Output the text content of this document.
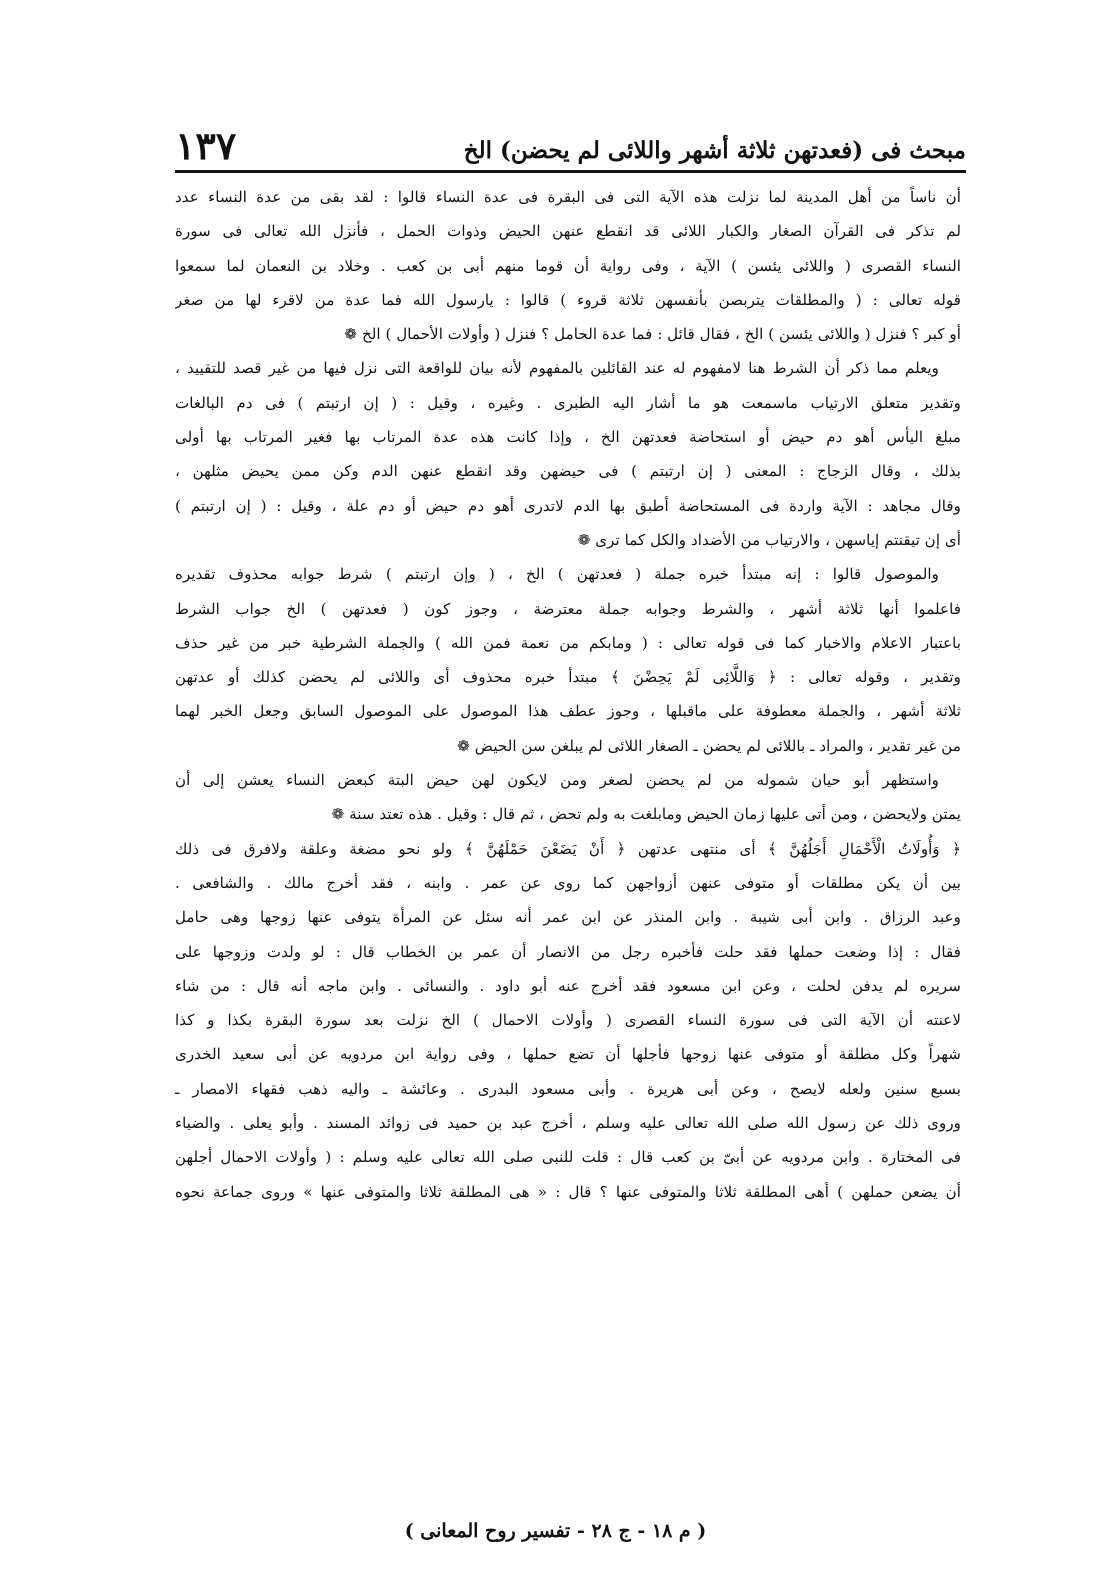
مبحث فى (فعدتهن ثلاثة أشهر واللائى لم يحضن) الخ
١٣٧
أن ناساً من أهل المدينة لما نزلت هذه الآية التى فى البقرة فى عدة النساء قالوا : لقد بقى من عدة النساء عدد
لم تذكر فى القرآن الصغار والكبار اللائى قد انقطع عنهن الحيض وذوات الحمل ، فأنزل الله تعالى فى سورة
النساء القصرى ( واللائى يئسن ) الآية ، وفى رواية أن قوما منهم أبى بن كعب . وخلاد بن النعمان لما سمعوا
قوله تعالى : ( والمطلقات يتربصن بأنفسهن ثلاثة قروء ) قالوا : يارسول الله فما عدة من لاقرء لها من صغر
أو كبر ؟ فنزل ( واللائى يئسن ) الخ ، فقال قائل : فما عدة الحامل ؟ فنزل ( وأولات الأحمال ) الخ ❁
ويعلم مما ذكر أن الشرط هنا لامفهوم له عند القائلين بالمفهوم لأنه بيان للواقعة التى نزل فيها من غير قصد للتقييد ،
وتقدير متعلق الارتياب ماسمعت هو ما أشار اليه الطبرى . وغيره ، وقيل : ( إن ارتبتم ) فى دم البالغات
مبلغ اليأس أهو دم حيض أو استحاضة فعدتهن الخ ، وإذا كانت هذه عدة المرتاب بها فغير المرتاب بها أولى
بذلك ، وقال الزجاج : المعنى ( إن ارتبتم ) فى حيضهن وقد انقطع عنهن الدم وكن ممن يحيض مثلهن ،
وقال مجاهد : الآية واردة فى المستحاضة أطبق بها الدم لاتدرى أهو دم حيض أو دم علة ، وقيل : ( إن ارتبتم )
أى إن تيقنتم إياسهن ، والارتياب من الأضداد والكل كما ترى ❁
والموصول قالوا : إنه مبتدأ خبره جملة ( فعدتهن ) الخ ، ( وإن ارتبتم ) شرط جوابه محذوف تقديره
فاعلموا أنها ثلاثة أشهر ، والشرط وجوابه جملة معترضة ، وجوز كون ( فعدتهن ) الخ جواب الشرط
باعتبار الاعلام والاخبار كما فى قوله تعالى : ( ومابكم من نعمة فمن الله ) والجملة الشرطية خبر من غير حذف
وتقدير ، وقوله تعالى : ﴿ وَاللَّائِى لَمْ يَحِضْنَ ﴾ مبتدأ خبره محذوف أى واللائى لم يحضن كذلك أو عدتهن
ثلاثة أشهر ، والجملة معطوفة على ماقبلها ، وجوز عطف هذا الموصول على الموصول السابق وجعل الخبر لهما
من غير تقدير ، والمراد ـ باللائى لم يحضن ـ الصغار اللائى لم يبلغن سن الحيض ❁
واستظهر أبو حيان شموله من لم يحضن لصغر ومن لايكون لهن حيض البتة كبعض النساء يعشن إلى أن
يمتن ولايحضن ، ومن أتى عليها زمان الحيض ومابلغت به ولم تحض ، ثم قال : وقيل . هذه تعتد سنة ❁
﴿ وَأُولَاتُ الْأَحْمَالِ أَجَلُهُنَّ ﴾ أى منتهى عدتهن ﴿ أَنْ يَضَعْنَ حَمْلَهُنَّ ﴾ ولو نحو مضغة وعلقة ولافرق فى ذلك
بين أن يكن مطلقات أو متوفى عنهن أزواجهن كما روى عن عمر . وابنه ، فقد أخرج مالك . والشافعى .
وعبد الرزاق . وابن أبى شيبة . وابن المنذر عن ابن عمر أنه سئل عن المرأة يتوفى عنها زوجها وهى حامل
فقال : إذا وضعت حملها فقد حلت فأخبره رجل من الانصار أن عمر بن الخطاب قال : لو ولدت وزوجها على
سريره لم يدفن لحلت ، وعن ابن مسعود فقد أخرج عنه أبو داود . والنسائى . وابن ماجه أنه قال : من شاء
لاعنته أن الآية التى فى سورة النساء القصرى ( وأولات الاحمال ) الخ نزلت بعد سورة البقرة بكذا و كذا
شهراً وكل مطلقة أو متوفى عنها زوجها فأجلها أن تضع حملها ، وفى رواية ابن مردويه عن أبى سعيد الخدرى
بسبع سنين ولعله لايصح ، وعن أبى هريرة . وأبى مسعود البدرى . وعائشة ـ واليه ذهب فقهاء الامصار ـ
وروى ذلك عن رسول الله صلى الله تعالى عليه وسلم ، أخرج عبد بن حميد فى زوائد المسند . وأبو يعلى . والضياء
فى المختارة . وابن مردويه عن أبىّ بن كعب قال : قلت للنبى صلى الله تعالى عليه وسلم : ( وأولات الاحمال أجلهن
أن يضعن حملهن ) أهى المطلقة ثلاثا والمتوفى عنها ؟ قال : « هى المطلقة ثلاثا والمتوفى عنها » وروى جماعة نحوه
( م ١٨ - ج ٢٨ - تفسير روح المعانى )
